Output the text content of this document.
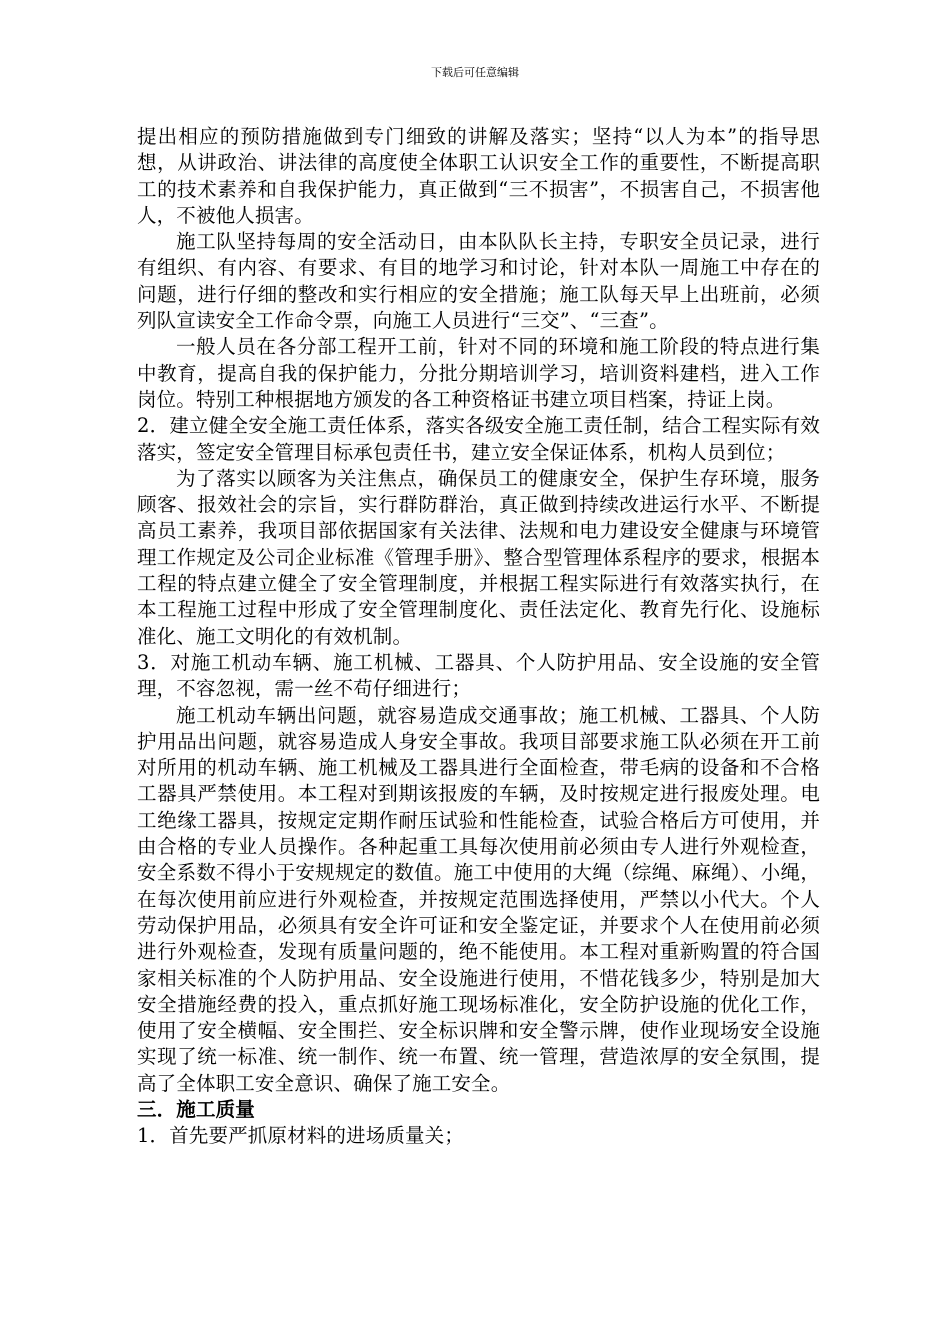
下载后可任意编辑

提出相应的预防措施做到专门细致的讲解及落实；坚持“以人为本”的指导思想，从讲政治、讲法律的高度使全体职工认识安全工作的重要性，不断提高职工的技术素养和自我保护能力，真正做到“三不损害”，不损害自己，不损害他人，不被他人损害。

施工队坚持每周的安全活动日，由本队队长主持，专职安全员记录，进行有组织、有内容、有要求、有目的地学习和讨论，针对本队一周施工中存在的问题，进行仔细的整改和实行相应的安全措施；施工队每天早上出班前，必须列队宣读安全工作命令票，向施工人员进行“三交”、“三查”。

一般人员在各分部工程开工前，针对不同的环境和施工阶段的特点进行集中教育，提高自我的保护能力，分批分期培训学习，培训资料建档，进入工作岗位。特别工种根据地方颁发的各工种资格证书建立项目档案，持证上岗。

2．建立健全安全施工责任体系，落实各级安全施工责任制，结合工程实际有效落实，签定安全管理目标承包责任书，建立安全保证体系，机构人员到位；

为了落实以顾客为关注焦点，确保员工的健康安全，保护生存环境，服务顾客、报效社会的宗旨，实行群防群治，真正做到持续改进运行水平、不断提高员工素养，我项目部依据国家有关法律、法规和电力建设安全健康与环境管理工作规定及公司企业标准《管理手册》、整合型管理体系程序的要求，根据本工程的特点建立健全了安全管理制度，并根据工程实际进行有效落实执行，在本工程施工过程中形成了安全管理制度化、责任法定化、教育先行化、设施标准化、施工文明化的有效机制。

3．对施工机动车辆、施工机械、工器具、个人防护用品、安全设施的安全管理，不容忽视，需一丝不苟仔细进行；

施工机动车辆出问题，就容易造成交通事故；施工机械、工器具、个人防护用品出问题，就容易造成人身安全事故。我项目部要求施工队必须在开工前对所用的机动车辆、施工机械及工器具进行全面检查，带毛病的设备和不合格工器具严禁使用。本工程对到期该报废的车辆，及时按规定进行报废处理。电工绝缘工器具，按规定定期作耐压试验和性能检查，试验合格后方可使用，并由合格的专业人员操作。各种起重工具每次使用前必须由专人进行外观检查，安全系数不得小于安规规定的数值。施工中使用的大绳（综绳、麻绳）、小绳，在每次使用前应进行外观检查，并按规定范围选择使用，严禁以小代大。个人劳动保护用品，必须具有安全许可证和安全鉴定证，并要求个人在使用前必须进行外观检查，发现有质量问题的，绝不能使用。本工程对重新购置的符合国家相关标准的个人防护用品、安全设施进行使用，不惜花钱多少，特别是加大安全措施经费的投入，重点抓好施工现场标准化，安全防护设施的优化工作，使用了安全横幅、安全围拦、安全标识牌和安全警示牌，使作业现场安全设施实现了统一标准、统一制作、统一布置、统一管理，营造浓厚的安全氛围，提高了全体职工安全意识、确保了施工安全。

三．施工质量

1．首先要严抓原材料的进场质量关；
